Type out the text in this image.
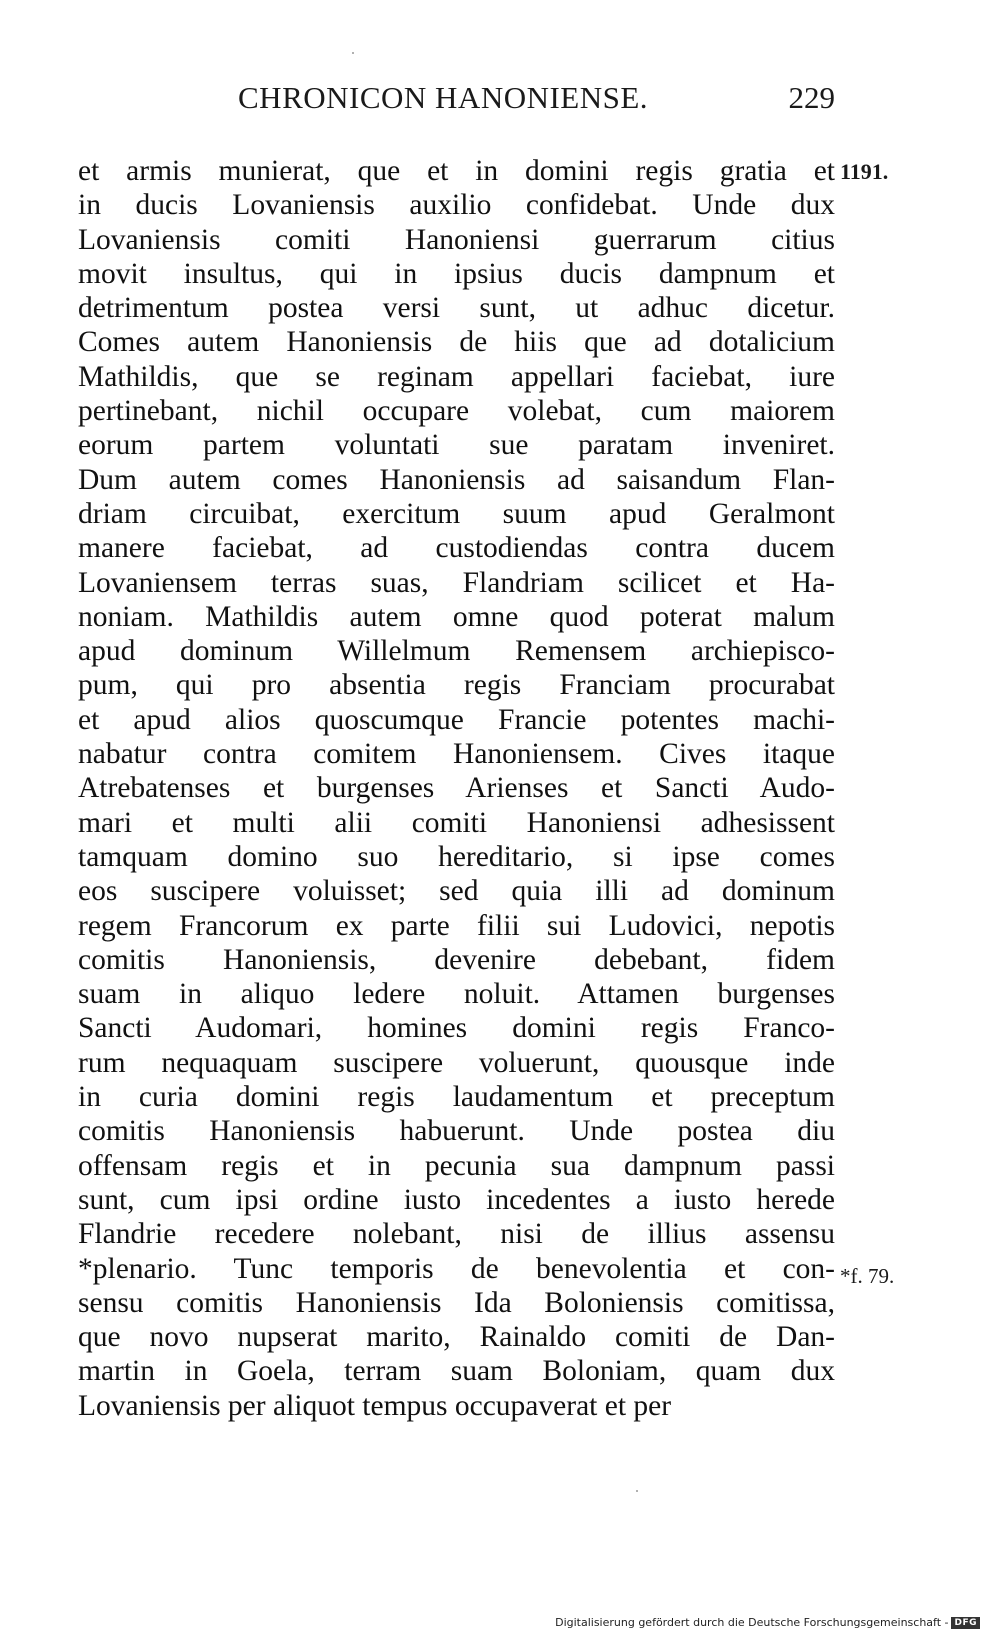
CHRONICON HANONIENSE.	229
1191.
*f. 79.
et armis munierat, que et in domini regis gratia et
in ducis Lovaniensis auxilio confidebat. Unde dux
Lovaniensis comiti Hanoniensi guerrarum citius
movit insultus, qui in ipsius ducis dampnum et
detrimentum postea versi sunt, ut adhuc dicetur.
Comes autem Hanoniensis de hiis que ad dotalicium
Mathildis, que se reginam appellari faciebat, iure
pertinebant, nichil occupare volebat, cum maiorem
eorum partem voluntati sue paratam inveniret.
Dum autem comes Hanoniensis ad saisandum Flan-
driam circuibat, exercitum suum apud Geralmont
manere faciebat, ad custodiendas contra ducem
Lovaniensem terras suas, Flandriam scilicet et Ha-
noniam. Mathildis autem omne quod poterat malum
apud dominum Willelmum Remensem archiepisco-
pum, qui pro absentia regis Franciam procurabat
et apud alios quoscumque Francie potentes machi-
nabatur contra comitem Hanoniensem. Cives itaque
Atrebatenses et burgenses Arienses et Sancti Audo-
mari et multi alii comiti Hanoniensi adhesissent
tamquam domino suo hereditario, si ipse comes
eos suscipere voluisset; sed quia illi ad dominum
regem Francorum ex parte filii sui Ludovici, nepotis
comitis Hanoniensis, devenire debebant, fidem
suam in aliquo ledere noluit. Attamen burgenses
Sancti Audomari, homines domini regis Franco-
rum nequaquam suscipere voluerunt, quousque inde
in curia domini regis laudamentum et preceptum
comitis Hanoniensis habuerunt. Unde postea diu
offensam regis et in pecunia sua dampnum passi
sunt, cum ipsi ordine iusto incedentes a iusto herede
Flandrie recedere nolebant, nisi de illius assensu
*plenario. Tunc temporis de benevolentia et con-
sensu comitis Hanoniensis Ida Boloniensis comitissa,
que novo nupserat marito, Rainaldo comiti de Dan-
martin in Goela, terram suam Boloniam, quam dux
Lovaniensis per aliquot tempus occupaverat et per
Digitalisierung gefördert durch die Deutsche Forschungsgemeinschaft - DFG
